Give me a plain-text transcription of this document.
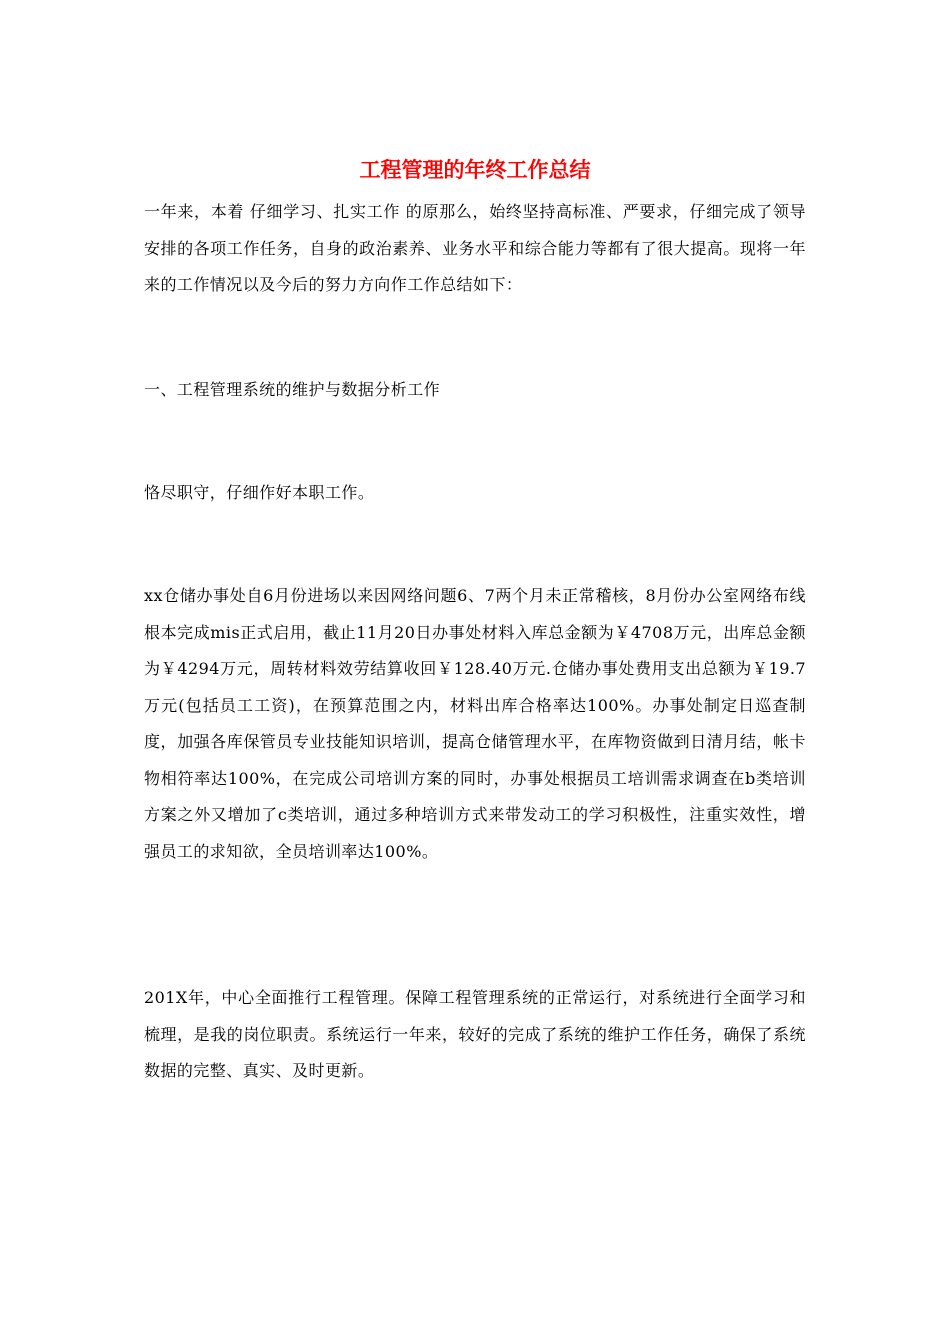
工程管理的年终工作总结

一年来，本着 仔细学习、扎实工作 的原那么，始终坚持高标准、严要求，仔细完成了领导安排的各项工作任务，自身的政治素养、业务水平和综合能力等都有了很大提高。现将一年来的工作情况以及今后的努力方向作工作总结如下：

一、工程管理系统的维护与数据分析工作

恪尽职守，仔细作好本职工作。

xx仓储办事处自6月份进场以来因网络问题6、7两个月未正常稽核，8月份办公室网络布线根本完成mis正式启用，截止11月20日办事处材料入库总金额为￥4708万元，出库总金额为￥4294万元，周转材料效劳结算收回￥128.40万元.仓储办事处费用支出总额为￥19.7万元(包括员工工资)，在预算范围之内，材料出库合格率达100%。办事处制定日巡查制度，加强各库保管员专业技能知识培训，提高仓储管理水平，在库物资做到日清月结，帐卡物相符率达100%，在完成公司培训方案的同时，办事处根据员工培训需求调查在b类培训方案之外又增加了c类培训，通过多种培训方式来带发动工的学习积极性，注重实效性，增强员工的求知欲，全员培训率达100%。

201X年，中心全面推行工程管理。保障工程管理系统的正常运行，对系统进行全面学习和梳理，是我的岗位职责。系统运行一年来，较好的完成了系统的维护工作任务，确保了系统数据的完整、真实、及时更新。
